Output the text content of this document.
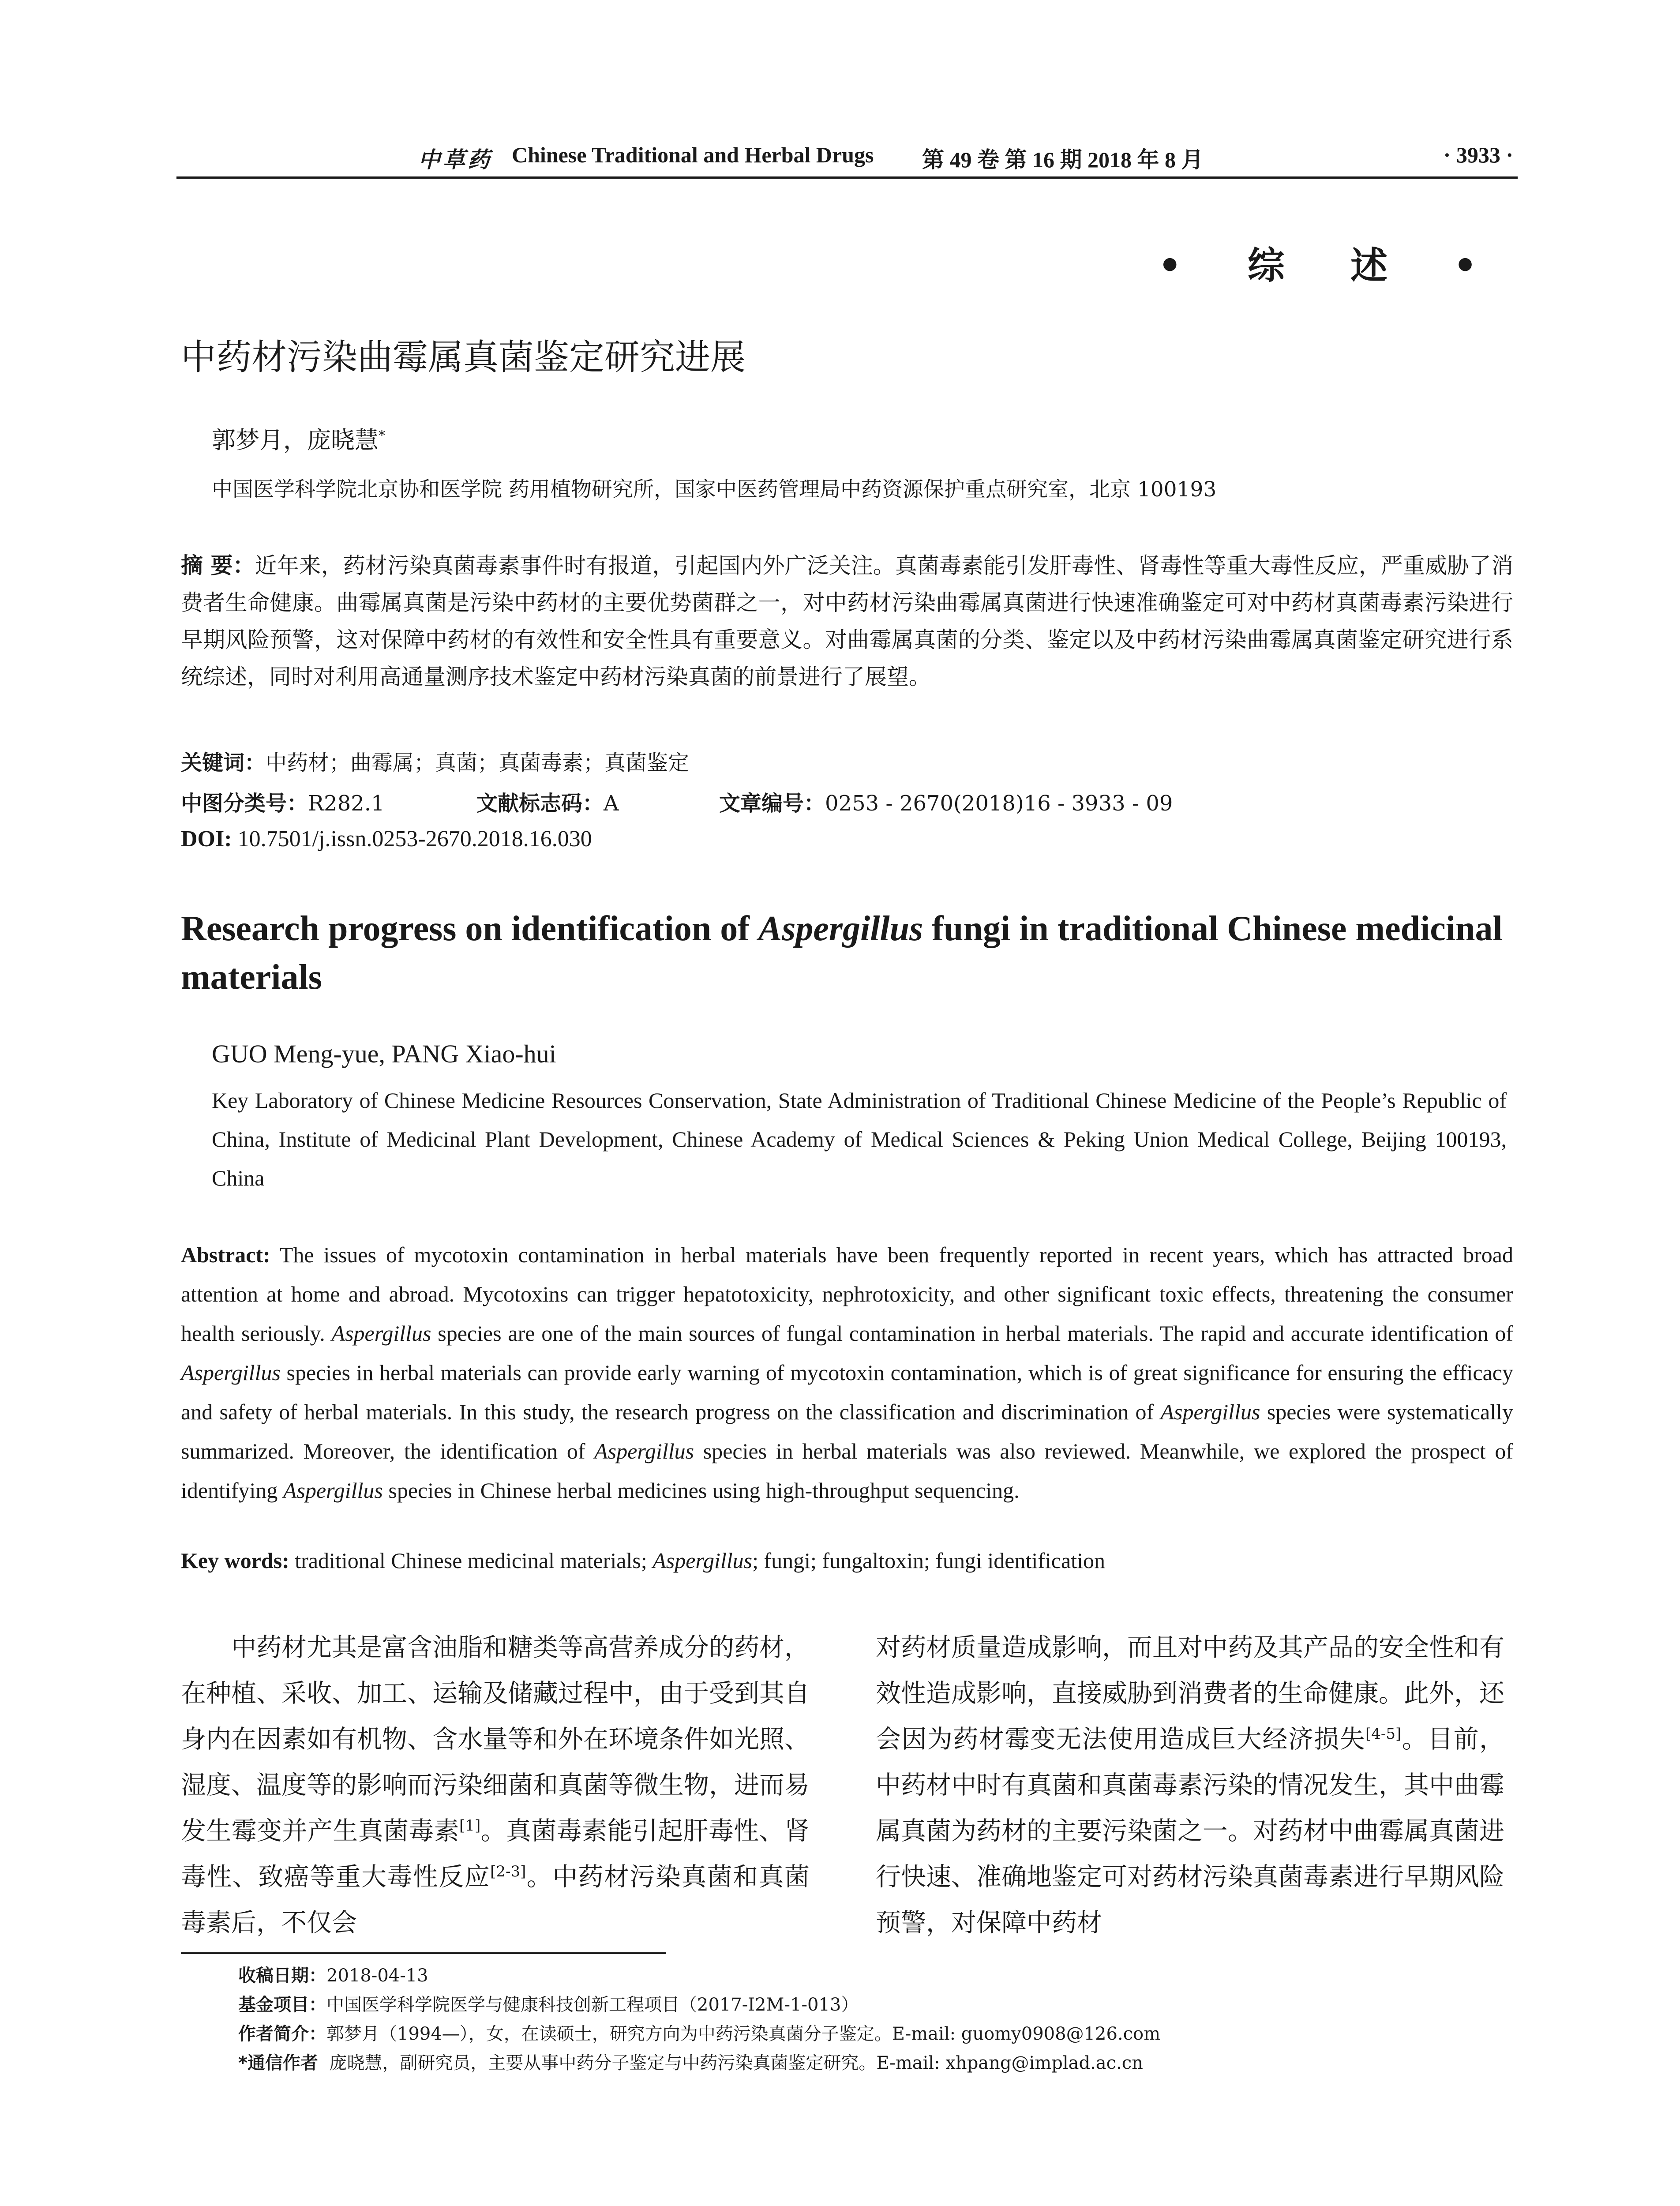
中草药 Chinese Traditional and Herbal Drugs 第 49 卷 第 16 期 2018 年 8 月	· 3933 ·
• 综 述 •
中药材污染曲霉属真菌鉴定研究进展
郭梦月，庞晓慧*
中国医学科学院北京协和医学院 药用植物研究所，国家中医药管理局中药资源保护重点研究室，北京 100193
摘 要：近年来，药材污染真菌毒素事件时有报道，引起国内外广泛关注。真菌毒素能引发肝毒性、肾毒性等重大毒性反应，严重威胁了消费者生命健康。曲霉属真菌是污染中药材的主要优势菌群之一，对中药材污染曲霉属真菌进行快速准确鉴定可对中药材真菌毒素污染进行早期风险预警，这对保障中药材的有效性和安全性具有重要意义。对曲霉属真菌的分类、鉴定以及中药材污染曲霉属真菌鉴定研究进行系统综述，同时对利用高通量测序技术鉴定中药材污染真菌的前景进行了展望。
关键词：中药材；曲霉属；真菌；真菌毒素；真菌鉴定
中图分类号：R282.1	文献标志码：A	文章编号：0253 - 2670(2018)16 - 3933 - 09
DOI: 10.7501/j.issn.0253-2670.2018.16.030
Research progress on identification of Aspergillus fungi in traditional Chinese medicinal materials
GUO Meng-yue, PANG Xiao-hui
Key Laboratory of Chinese Medicine Resources Conservation, State Administration of Traditional Chinese Medicine of the People’s Republic of China, Institute of Medicinal Plant Development, Chinese Academy of Medical Sciences & Peking Union Medical College, Beijing 100193, China
Abstract: The issues of mycotoxin contamination in herbal materials have been frequently reported in recent years, which has attracted broad attention at home and abroad. Mycotoxins can trigger hepatotoxicity, nephrotoxicity, and other significant toxic effects, threatening the consumer health seriously. Aspergillus species are one of the main sources of fungal contamination in herbal materials. The rapid and accurate identification of Aspergillus species in herbal materials can provide early warning of mycotoxin contamination, which is of great significance for ensuring the efficacy and safety of herbal materials. In this study, the research progress on the classification and discrimination of Aspergillus species were systematically summarized. Moreover, the identification of Aspergillus species in herbal materials was also reviewed. Meanwhile, we explored the prospect of identifying Aspergillus species in Chinese herbal medicines using high-throughput sequencing.
Key words: traditional Chinese medicinal materials; Aspergillus; fungi; fungaltoxin; fungi identification
中药材尤其是富含油脂和糖类等高营养成分的药材，在种植、采收、加工、运输及储藏过程中，由于受到其自身内在因素如有机物、含水量等和外在环境条件如光照、湿度、温度等的影响而污染细菌和真菌等微生物，进而易发生霉变并产生真菌毒素[1]。真菌毒素能引起肝毒性、肾毒性、致癌等重大毒性反应[2-3]。中药材污染真菌和真菌毒素后，不仅会
对药材质量造成影响，而且对中药及其产品的安全性和有效性造成影响，直接威胁到消费者的生命健康。此外，还会因为药材霉变无法使用造成巨大经济损失[4-5]。目前，中药材中时有真菌和真菌毒素污染的情况发生，其中曲霉属真菌为药材的主要污染菌之一。对药材中曲霉属真菌进行快速、准确地鉴定可对药材污染真菌毒素进行早期风险预警，对保障中药材
收稿日期：2018-04-13
基金项目：中国医学科学院医学与健康科技创新工程项目（2017-I2M-1-013）
作者简介：郭梦月（1994—），女，在读硕士，研究方向为中药污染真菌分子鉴定。E-mail: guomy0908@126.com
*通信作者 庞晓慧，副研究员，主要从事中药分子鉴定与中药污染真菌鉴定研究。E-mail: xhpang@implad.ac.cn
